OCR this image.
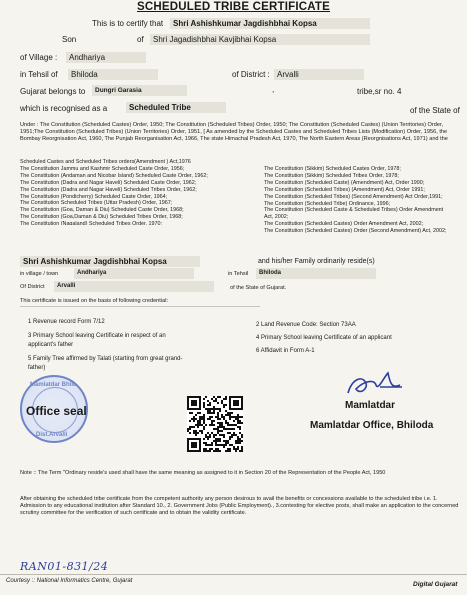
SCHEDULED TRIBE CERTIFICATE
This is to certify that	Shri Ashishkumar Jagdishbhai Kopsa
Son	of	Shri Jagadishbhai Kavjibhai Kopsa
of Village :	Andhariya
in Tehsil of	Bhiloda	of District : Arvalli
Gujarat belongs to	Dungri Garasia	,	tribe,sr no. 4
which is recognised as a	Scheduled Tribe	of the State of
Under : The Constitution (Scheduled Castes) Order, 1950; The Constitution (Scheduled Tribes) Order, 1950; The Constitution (Scheduled Castes) (Union Territories) Order, 1951;The Constitution (Scheduled Tribes) (Union Territories) Order, 1951, [ As amended by the Scheduled Castes and Scheduled Tribes Lists (Modification) Order, 1956, the Bombay Reorgnisation Act, 1960, The Punjab Reorganisation Act, 1966, The state Himachal Pradesh Act, 1970, The North Eastern Areas (Reorgnisations Act, 1971) and the
Scheduled Castes and Scheduled Tribes orders(Amendment ) Act,1976
The Constitution Jammu and Kashmir Scheduled Caste Order, 1956;
The Constitution (Andaman and Nicobar Island) Scheduled Caste Order, 1962;
The Constitution (Dadra and Nagar Haveli) Scheduled Caste Order, 1962;
The Constitution (Dadra and Nagar Haveli) Scheduled Tribes Order, 1962;
The Constitution (Pondicherry) Scheduled Caste Order, 1964;
The Constitution Scheduled Tribes (Uttar Pradesh) Order, 1967;
The Constitution (Goa, Daman & Diu) Scheduled Caste Order, 1968;
The Constitution (Goa,Daman & Diu) Scheduled Tribes Order, 1968;
The Constitution (Nagaland) Scheduled Tribes Order, 1970;
The Constitution (Sikkim) Scheduled Castes Order, 1978;
The Constitution (Sikkim) Scheduled Tribes Order, 1978;
The Constitution (Scheduled Caste) (Amendment) Act, Order 1990;
The Constitution (Scheduled Tribes) (Amendment) Act, Order 1991;
The Constitution (Scheduled Tribes) (Second Amendment) Act Order,1991;
The Constitution (Scheduled Tribe) Ordinance, 1996;
The Constitution (Scheduled Caste & Scheduled Tribes) Order Amendment
Act, 2002;
The Constitution (Scheduled Castes) Order Amendment Act, 2002;
The Constitution (Scheduled Castes) Order (Second Amendment) Act, 2002;
Shri Ashishkumar Jagdishbhai Kopsa	and his/her Family ordinarily reside(s)
in village / town	Andhariya	in Tehsil	Bhiloda
Of District	Arvalli	of the State of Gujarat.
This certificate is issued on the basis of following credential:
1 Revenue record Form 7/12
3 Primary School leaving Certificate in respect of an
applicant's father
5 Family Tree affirmed by Talati (starting from great grand-
father)
2 Land Revenue Code: Section 73AA
4 Primary School leaving Certificate of an applicant
6 Affidavit in Form A-1
Mamlatdar Bhilo
Dist.Arvalli
Office seal	Mamlatdar
Mamlatdar Office, Bhiloda
Note :: The Term "Ordinary reside's used shall have the same meaning as assigned to it in Section 20 of the Representation of the People Act, 1950
After obtaining the scheduled tribe certificate from the competent authority any person desirous to avail the benefits or concessions available to the scheduled tribe i.e. 1. Admission to any educational institution after Standard 10., 2. Government Jobs (Public Employment)., 3.contesting for elective posts, shall make an application to the concerned scrutiny committee for the verification of such certificate and to obtain the validity certificate.
RAN01-831/24
Courtesy :: National Informatics Centre, Gujarat	Digital Gujarat
